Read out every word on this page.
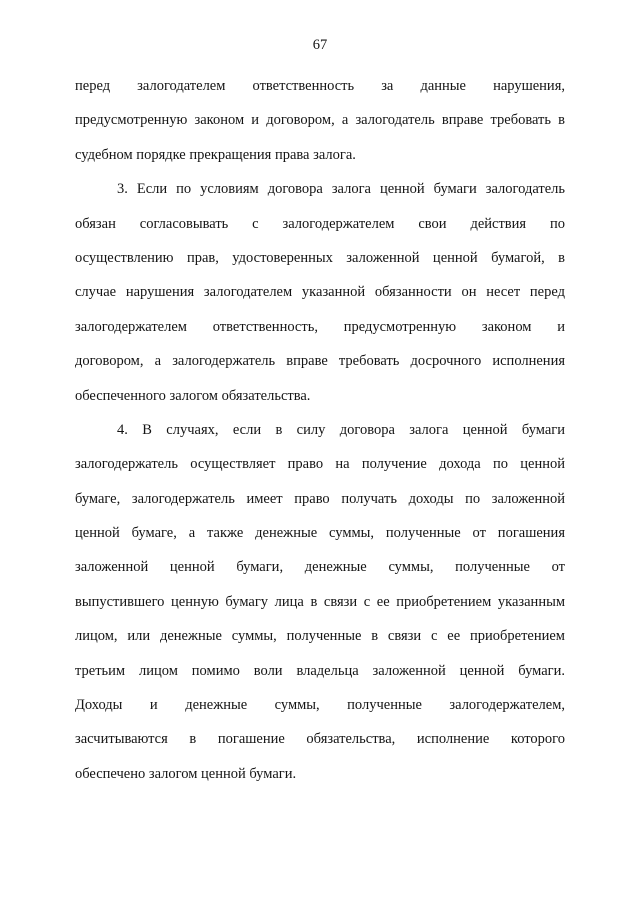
67
перед залогодателем ответственность за данные нарушения,
предусмотренную законом и договором, а залогодатель вправе требовать в
судебном порядке прекращения права залога.
3. Если по условиям договора залога ценной бумаги залогодатель
обязан согласовывать с залогодержателем свои действия по
осуществлению прав, удостоверенных заложенной ценной бумагой, в
случае нарушения залогодателем указанной обязанности он несет перед
залогодержателем ответственность, предусмотренную законом и
договором, а залогодержатель вправе требовать досрочного исполнения
обеспеченного залогом обязательства.
4. В случаях, если в силу договора залога ценной бумаги
залогодержатель осуществляет право на получение дохода по ценной
бумаге, залогодержатель имеет право получать доходы по заложенной
ценной бумаге, а также денежные суммы, полученные от погашения
заложенной ценной бумаги, денежные суммы, полученные от
выпустившего ценную бумагу лица в связи с ее приобретением указанным
лицом, или денежные суммы, полученные в связи с ее приобретением
третьим лицом помимо воли владельца заложенной ценной бумаги.
Доходы и денежные суммы, полученные залогодержателем,
засчитываются в погашение обязательства, исполнение которого
обеспечено залогом ценной бумаги.
